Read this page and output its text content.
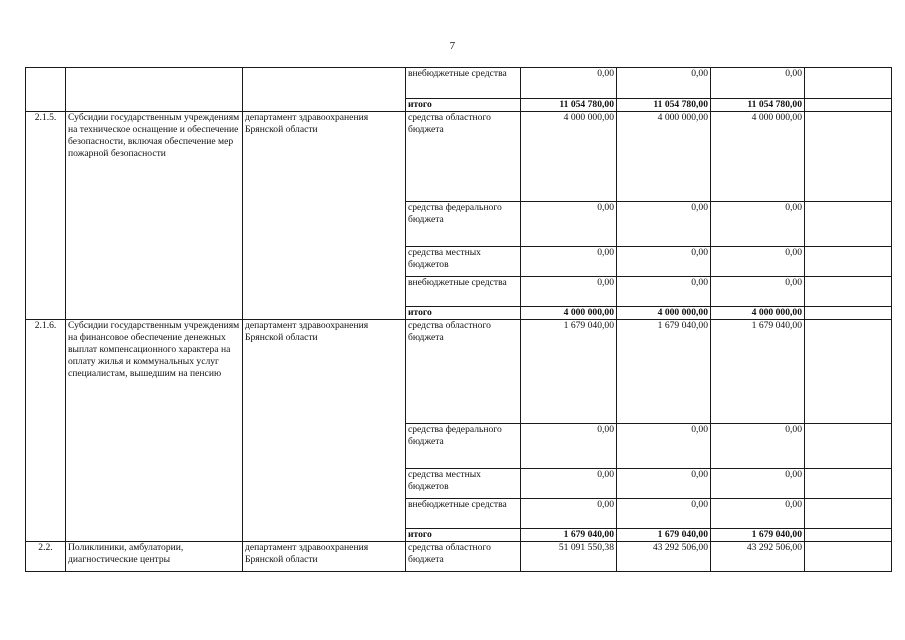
7
			внебюджетные средства	0,00	0,00	0,00	
			итого	11 054 780,00	11 054 780,00	11 054 780,00	
2.1.5.	Субсидии государственным учреждениям на техническое оснащение и обеспечение безопасности, включая обеспечение мер пожарной безопасности	департамент здравоохранения Брянской области	средства областного бюджета	4 000 000,00	4 000 000,00	4 000 000,00	
			средства федерального бюджета	0,00	0,00	0,00	
			средства местных бюджетов	0,00	0,00	0,00	
			внебюджетные средства	0,00	0,00	0,00	
			итого	4 000 000,00	4 000 000,00	4 000 000,00	
2.1.6.	Субсидии государственным учреждениям на финансовое обеспечение денежных выплат компенсационного характера на оплату жилья и коммунальных услуг специалистам, вышедшим на пенсию	департамент здравоохранения Брянской области	средства областного бюджета	1 679 040,00	1 679 040,00	1 679 040,00	
			средства федерального бюджета	0,00	0,00	0,00	
			средства местных бюджетов	0,00	0,00	0,00	
			внебюджетные средства	0,00	0,00	0,00	
			итого	1 679 040,00	1 679 040,00	1 679 040,00	
2.2.	Поликлиники, амбулатории, диагностические центры	департамент здравоохранения Брянской области	средства областного бюджета	51 091 550,38	43 292 506,00	43 292 506,00	
